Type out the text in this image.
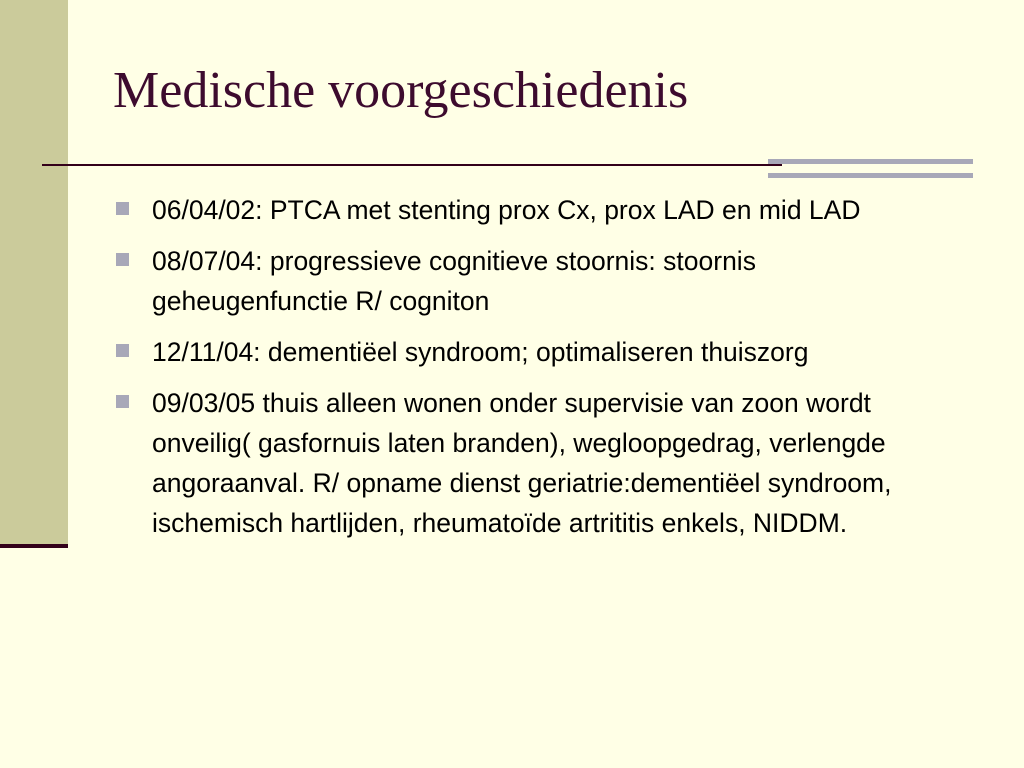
Medische voorgeschiedenis
06/04/02: PTCA met stenting prox Cx, prox LAD en mid LAD
08/07/04: progressieve cognitieve stoornis: stoornis geheugenfunctie R/ cogniton
12/11/04: dementiëel syndroom; optimaliseren thuiszorg
09/03/05 thuis alleen wonen onder supervisie van zoon wordt onveilig( gasfornuis laten branden), wegloopgedrag, verlengde angoraanval. R/ opname dienst geriatrie:dementiëel syndroom, ischemisch hartlijden, rheumatoïde artrititis enkels, NIDDM.
